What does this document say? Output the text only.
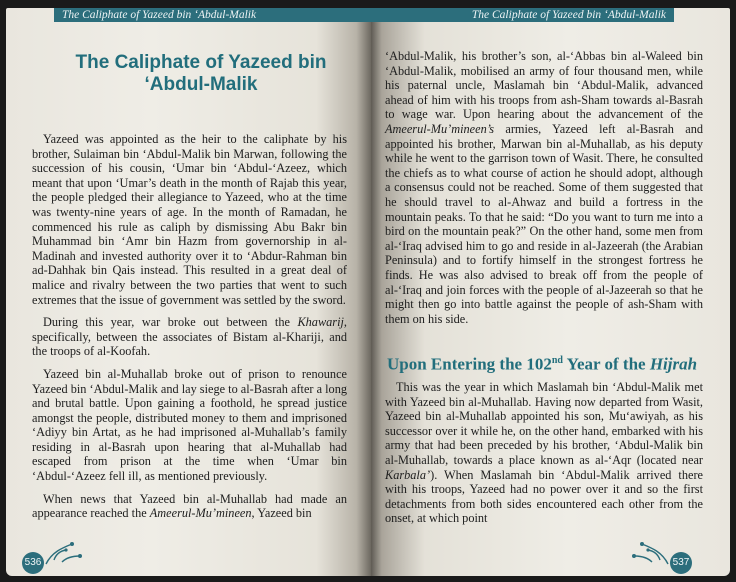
The Caliphate of Yazeed bin ‘Abdul-Malik
The Caliphate of Yazeed bin
‘Abdul-Malik

Yazeed was appointed as the heir to the caliphate by his brother, Sulaiman bin ‘Abdul-Malik bin Marwan, following the succession of his cousin, ‘Umar bin ‘Abdul-‘Azeez, which meant that upon ‘Umar’s death in the month of Rajab this year, the people pledged their allegiance to Yazeed, who at the time was twenty-nine years of age. In the month of Ramadan, he commenced his rule as caliph by dismissing Abu Bakr bin Muhammad bin ‘Amr bin Hazm from governorship in al-Madinah and invested authority over it to ‘Abdur-Rahman bin ad-Dahhak bin Qais instead. This resulted in a great deal of malice and rivalry between the two parties that went to such extremes that the issue of government was settled by the sword.

During this year, war broke out between the Khawarij, specifically, between the associates of Bistam al-Khariji, and the troops of al-Koofah.

Yazeed bin al-Muhallab broke out of prison to renounce Yazeed bin ‘Abdul-Malik and lay siege to al-Basrah after a long and brutal battle. Upon gaining a foothold, he spread justice amongst the people, distributed money to them and imprisoned ‘Adiyy bin Artat, as he had imprisoned al-Muhallab’s family residing in al-Basrah upon hearing that al-Muhallab had escaped from prison at the time when ‘Umar bin ‘Abdul-‘Azeez fell ill, as mentioned previously.

When news that Yazeed bin al-Muhallab had made an appearance reached the Ameerul-Mu’mineen, Yazeed bin

536
The Caliphate of Yazeed bin ‘Abdul-Malik

‘Abdul-Malik, his brother’s son, al-‘Abbas bin al-Waleed bin ‘Abdul-Malik, mobilised an army of four thousand men, while his paternal uncle, Maslamah bin ‘Abdul-Malik, advanced ahead of him with his troops from ash-Sham towards al-Basrah to wage war. Upon hearing about the advancement of the Ameerul-Mu’mineen’s armies, Yazeed left al-Basrah and appointed his brother, Marwan bin al-Muhallab, as his deputy while he went to the garrison town of Wasit. There, he consulted the chiefs as to what course of action he should adopt, although a consensus could not be reached. Some of them suggested that he should travel to al-Ahwaz and build a fortress in the mountain peaks. To that he said: “Do you want to turn me into a bird on the mountain peak?” On the other hand, some men from al-‘Iraq advised him to go and reside in al-Jazeerah (the Arabian Peninsula) and to fortify himself in the strongest fortress he finds. He was also advised to break off from the people of al-‘Iraq and join forces with the people of al-Jazeerah so that he might then go into battle against the people of ash-Sham with them on his side.

Upon Entering the 102nd Year of the Hijrah

This was the year in which Maslamah bin ‘Abdul-Malik met with Yazeed bin al-Muhallab. Having now departed from Wasit, Yazeed bin al-Muhallab appointed his son, Mu‘awiyah, as his successor over it while he, on the other hand, embarked with his army that had been preceded by his brother, ‘Abdul-Malik bin al-Muhallab, towards a place known as al-‘Aqr (located near Karbala’). When Maslamah bin ‘Abdul-Malik arrived there with his troops, Yazeed had no power over it and so the first detachments from both sides encountered each other from the onset, at which point

537
